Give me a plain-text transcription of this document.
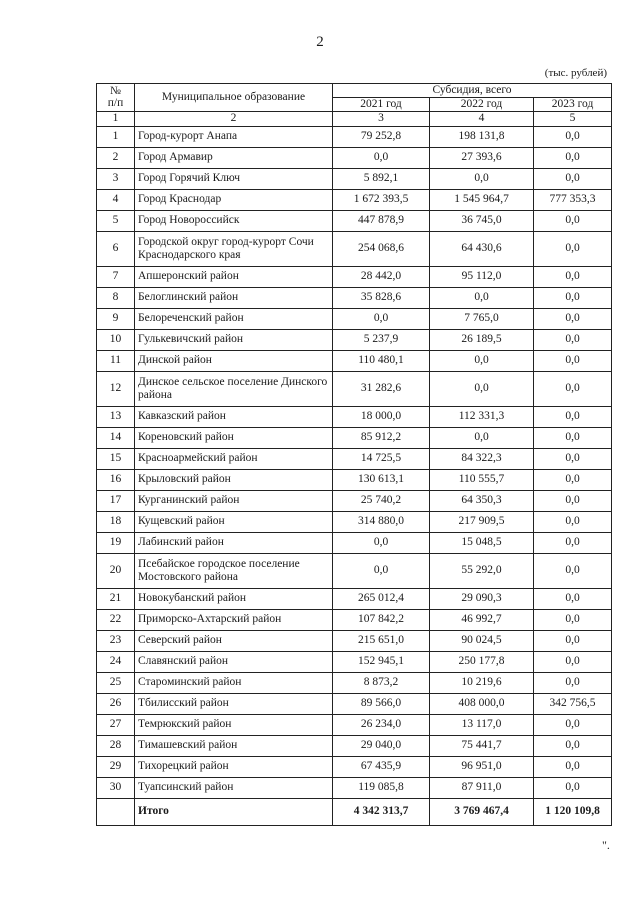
2
(тыс. рублей)
№
п/п	Муниципальное образование	Субсидия, всего		
		2021 год	2022 год	2023 год
1	2	3	4	5
1	Город-курорт Анапа	79 252,8	198 131,8	0,0
2	Город Армавир	0,0	27 393,6	0,0
3	Город Горячий Ключ	5 892,1	0,0	0,0
4	Город Краснодар	1 672 393,5	1 545 964,7	777 353,3
5	Город Новороссийск	447 878,9	36 745,0	0,0
6	Городской округ город-курорт Сочи Краснодарского края	254 068,6	64 430,6	0,0
7	Апшеронский район	28 442,0	95 112,0	0,0
8	Белоглинский район	35 828,6	0,0	0,0
9	Белореченский район	0,0	7 765,0	0,0
10	Гулькевичский район	5 237,9	26 189,5	0,0
11	Динской район	110 480,1	0,0	0,0
12	Динское сельское поселение Динского района	31 282,6	0,0	0,0
13	Кавказский район	18 000,0	112 331,3	0,0
14	Кореновский район	85 912,2	0,0	0,0
15	Красноармейский район	14 725,5	84 322,3	0,0
16	Крыловский район	130 613,1	110 555,7	0,0
17	Курганинский район	25 740,2	64 350,3	0,0
18	Кущевский район	314 880,0	217 909,5	0,0
19	Лабинский район	0,0	15 048,5	0,0
20	Псебайское городское поселение Мостовского района	0,0	55 292,0	0,0
21	Новокубанский район	265 012,4	29 090,3	0,0
22	Приморско-Ахтарский район	107 842,2	46 992,7	0,0
23	Северский район	215 651,0	90 024,5	0,0
24	Славянский район	152 945,1	250 177,8	0,0
25	Староминский район	8 873,2	10 219,6	0,0
26	Тбилисский район	89 566,0	408 000,0	342 756,5
27	Темрюкский район	26 234,0	13 117,0	0,0
28	Тимашевский район	29 040,0	75 441,7	0,0
29	Тихорецкий район	67 435,9	96 951,0	0,0
30	Туапсинский район	119 085,8	87 911,0	0,0
	Итого	4 342 313,7	3 769 467,4	1 120 109,8
".
